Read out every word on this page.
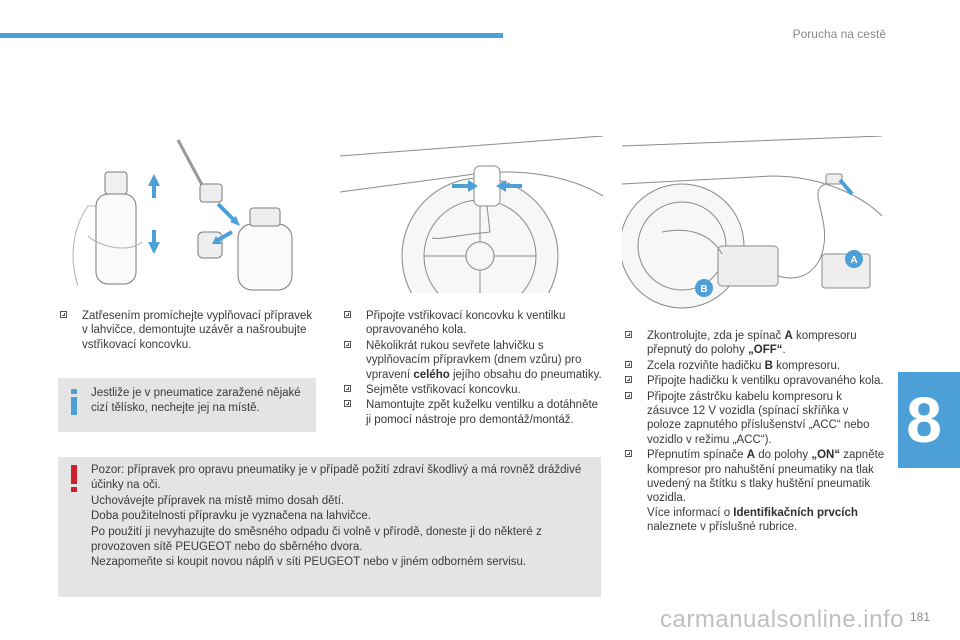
Porucha na cestě
8
A
B
Zatřesením promíchejte vyplňovací přípravek v lahvičce, demontujte uzávěr a našroubujte vstřikovací koncovku.
Jestliže je v pneumatice zaražené nějaké cizí tělísko, nechejte jej na místě.
Připojte vstřikovací koncovku k ventilku opravovaného kola.
Několikrát rukou sevřete lahvičku s vyplňovacím přípravkem (dnem vzůru) pro vpravení celého jejího obsahu do pneumatiky.
Sejměte vstřikovací koncovku.
Namontujte zpět kuželku ventilku a dotáhněte ji pomocí nástroje pro demontáž/montáž.
Zkontrolujte, zda je spínač A kompresoru přepnutý do polohy „OFF“.
Zcela rozviňte hadičku B kompresoru.
Připojte hadičku k ventilku opravovaného kola.
Připojte zástrčku kabelu kompresoru k zásuvce 12 V vozidla (spínací skříňka v poloze zapnutého příslušenství „ACC“ nebo vozidlo v režimu „ACC“).
Přepnutím spínače A do polohy „ON“ zapněte kompresor pro nahuštění pneumatiky na tlak uvedený na štítku s tlaky huštění pneumatik vozidla.
Více informací o Identifikačních prvcích naleznete v příslušné rubrice.

Pozor: přípravek pro opravu pneumatiky je v případě požití zdraví škodlivý a má rovněž dráždivé účinky na oči.

Uchovávejte přípravek na místě mimo dosah dětí.

Doba použitelnosti přípravku je vyznačena na lahvičce.

Po použití ji nevyhazujte do směsného odpadu či volně v přírodě, doneste ji do některé z provozoven sítě PEUGEOT nebo do sběrného dvora.

Nezapomeňte si koupit novou náplň v síti PEUGEOT nebo v jiném odborném servisu.

carmanualsonline.info 181
